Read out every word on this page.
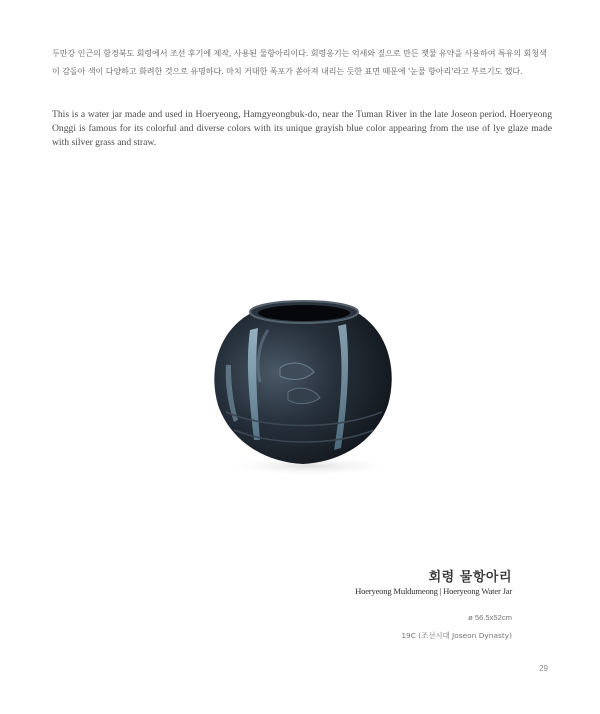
두만강 인근의 함경북도 회령에서 조선 후기에 제작, 사용된 물항아리이다. 회령옹기는 억새와 짚으로 만든 잿물 유약을 사용하여 특유의 회청색이 감돌아 색이 다양하고 화려한 것으로 유명하다. 마치 거대한 폭포가 쏟아져 내리는 듯한 표면 때문에 '눈물 항아리'라고 부르기도 했다.
This is a water jar made and used in Hoeryeong, Hamgyeongbuk-do, near the Tuman River in the late Joseon period. Hoeryeong Onggi is famous for its colorful and diverse colors with its unique grayish blue color appearing from the use of lye glaze made with silver grass and straw.
회령 물항아리
Hoeryeong Muldumeong | Hoeryeong Water Jar
ø 56.5x52cm
19C (조선시대 Joseon Dynasty)
29
